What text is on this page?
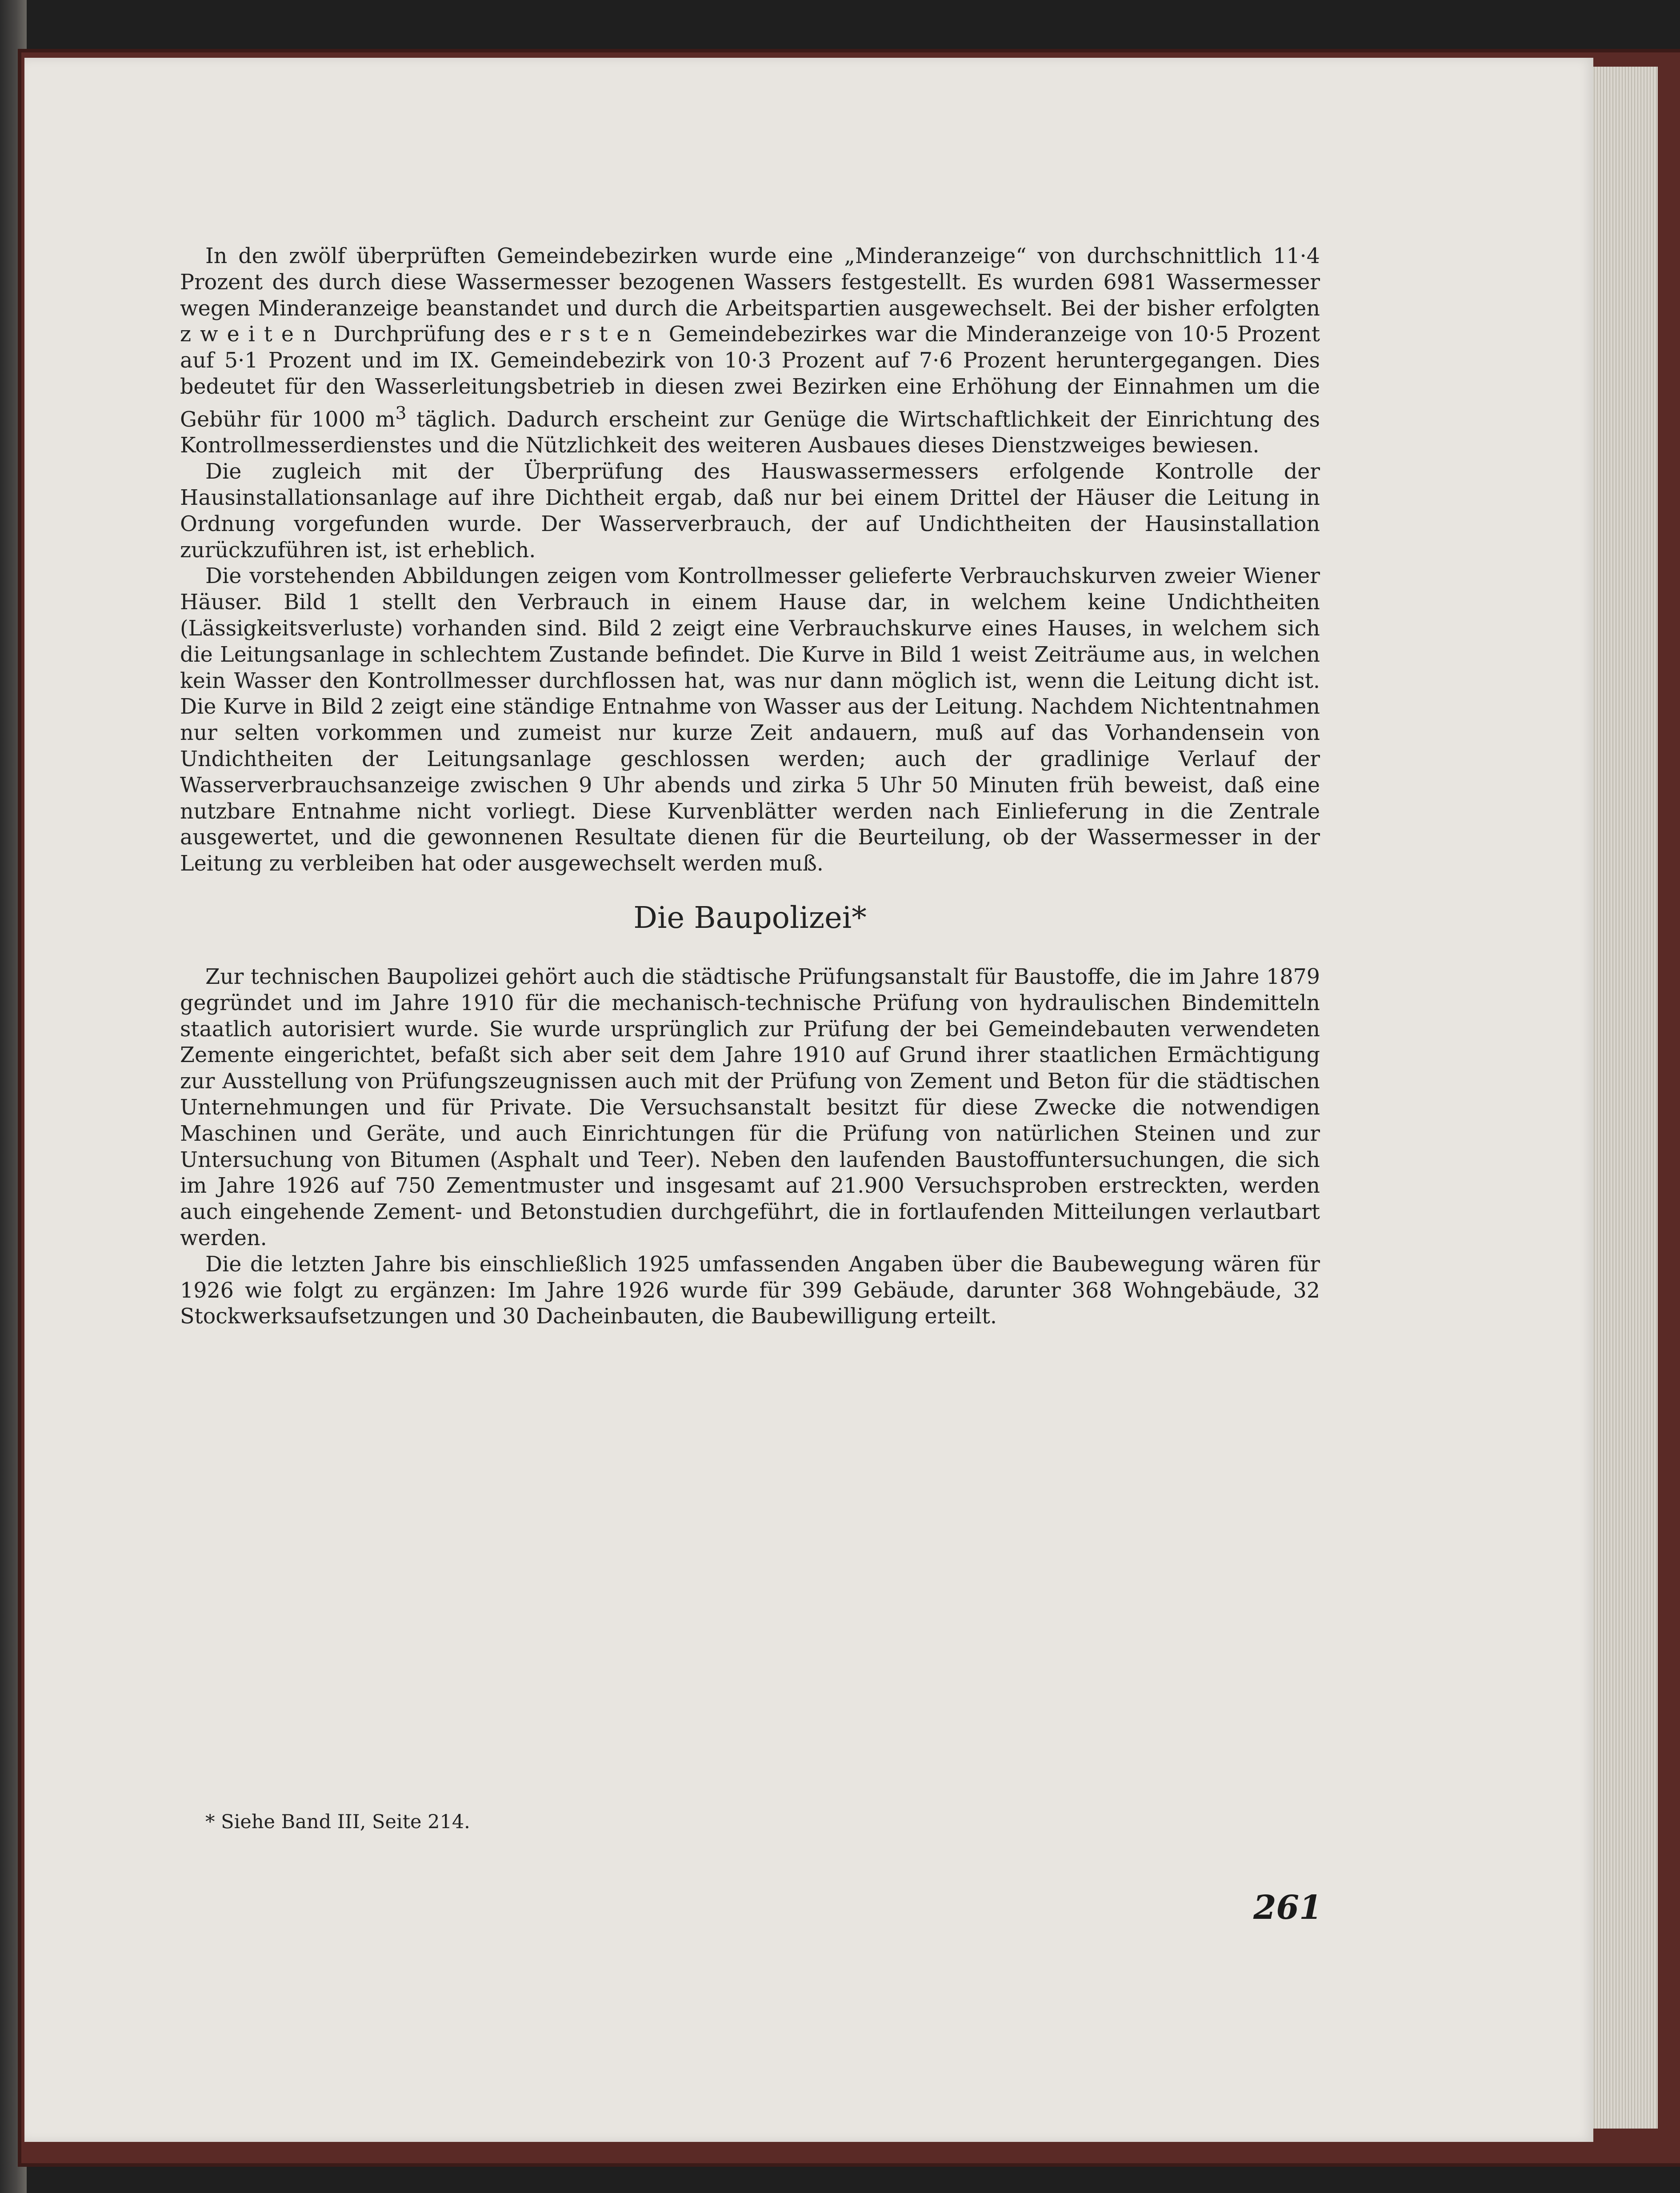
In den zwölf überprüften Gemeindebezirken wurde eine „Minderanzeige“ von durchschnittlich 11·4 Prozent des durch diese Wassermesser bezogenen Wassers festgestellt. Es wurden 6981 Wassermesser wegen Minderanzeige beanstandet und durch die Arbeitspartien ausgewechselt. Bei der bisher erfolgten zweiten Durchprüfung des ersten Gemeindebezirkes war die Minderanzeige von 10·5 Prozent auf 5·1 Prozent und im IX. Gemeindebezirk von 10·3 Prozent auf 7·6 Prozent heruntergegangen. Dies bedeutet für den Wasserleitungsbetrieb in diesen zwei Bezirken eine Erhöhung der Einnahmen um die Gebühr für 1000 $m^3$ täglich. Dadurch erscheint zur Genüge die Wirtschaftlichkeit der Einrichtung des Kontrollmesserdienstes und die Nützlichkeit des weiteren Ausbaues dieses Dienstzweiges bewiesen.

Die zugleich mit der Überprüfung des Hauswassermessers erfolgende Kontrolle der Hausinstallationsanlage auf ihre Dichtheit ergab, daß nur bei einem Drittel der Häuser die Leitung in Ordnung vorgefunden wurde. Der Wasserverbrauch, der auf Undichtheiten der Hausinstallation zurückzuführen ist, ist erheblich.

Die vorstehenden Abbildungen zeigen vom Kontrollmesser gelieferte Verbrauchskurven zweier Wiener Häuser. Bild 1 stellt den Verbrauch in einem Hause dar, in welchem keine Undichtheiten (Lässigkeitsverluste) vorhanden sind. Bild 2 zeigt eine Verbrauchskurve eines Hauses, in welchem sich die Leitungsanlage in schlechtem Zustande befindet. Die Kurve in Bild 1 weist Zeiträume aus, in welchen kein Wasser den Kontrollmesser durchflossen hat, was nur dann möglich ist, wenn die Leitung dicht ist. Die Kurve in Bild 2 zeigt eine ständige Entnahme von Wasser aus der Leitung. Nachdem Nichtentnahmen nur selten vorkommen und zumeist nur kurze Zeit andauern, muß auf das Vorhandensein von Undichtheiten der Leitungsanlage geschlossen werden; auch der gradlinige Verlauf der Wasserverbrauchsanzeige zwischen 9 Uhr abends und zirka 5 Uhr 50 Minuten früh beweist, daß eine nutzbare Entnahme nicht vorliegt. Diese Kurvenblätter werden nach Einlieferung in die Zentrale ausgewertet, und die gewonnenen Resultate dienen für die Beurteilung, ob der Wassermesser in der Leitung zu verbleiben hat oder ausgewechselt werden muß.

Die Baupolizei*

Zur technischen Baupolizei gehört auch die städtische Prüfungsanstalt für Baustoffe, die im Jahre 1879 gegründet und im Jahre 1910 für die mechanisch-technische Prüfung von hydraulischen Bindemitteln staatlich autorisiert wurde. Sie wurde ursprünglich zur Prüfung der bei Gemeindebauten verwendeten Zemente eingerichtet, befaßt sich aber seit dem Jahre 1910 auf Grund ihrer staatlichen Ermächtigung zur Ausstellung von Prüfungszeugnissen auch mit der Prüfung von Zement und Beton für die städtischen Unternehmungen und für Private. Die Versuchsanstalt besitzt für diese Zwecke die notwendigen Maschinen und Geräte, und auch Einrichtungen für die Prüfung von natürlichen Steinen und zur Untersuchung von Bitumen (Asphalt und Teer). Neben den laufenden Baustoffuntersuchungen, die sich im Jahre 1926 auf 750 Zementmuster und insgesamt auf 21.900 Versuchsproben erstreckten, werden auch eingehende Zement- und Betonstudien durchgeführt, die in fortlaufenden Mitteilungen verlautbart werden.

Die die letzten Jahre bis einschließlich 1925 umfassenden Angaben über die Baubewegung wären für 1926 wie folgt zu ergänzen: Im Jahre 1926 wurde für 399 Gebäude, darunter 368 Wohngebäude, 32 Stockwerksaufsetzungen und 30 Dacheinbauten, die Baubewilligung erteilt.

* Siehe Band III, Seite 214.
261
